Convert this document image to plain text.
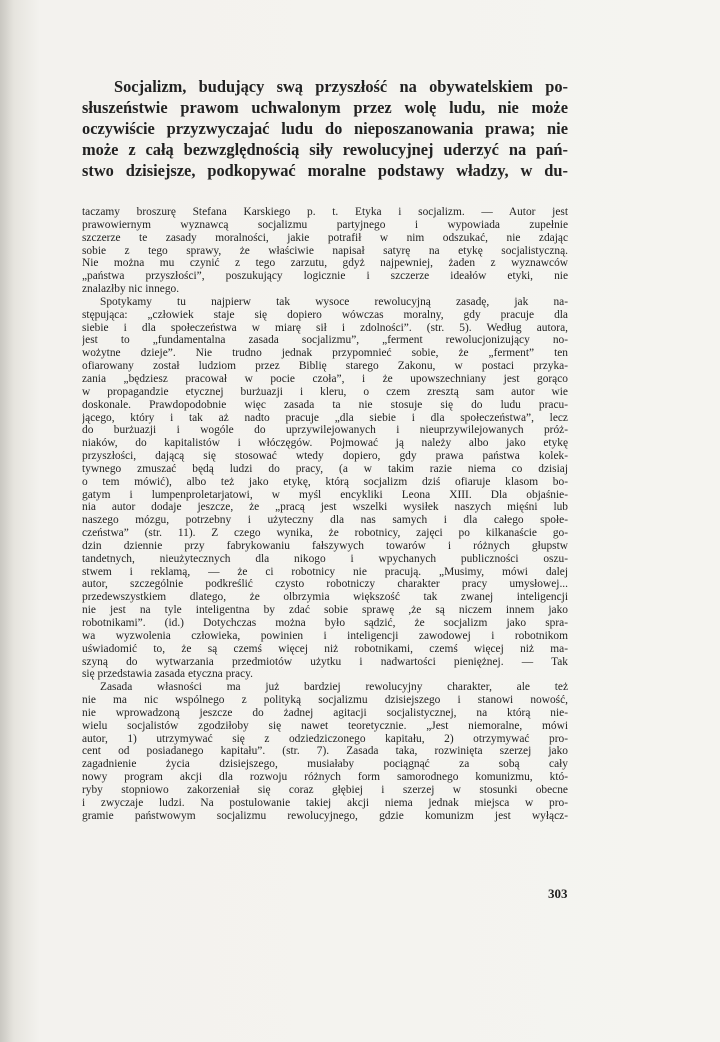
Socjalizm, budujący swą przyszłość na obywatelskiem po-
słuszeństwie prawom uchwalonym przez wolę ludu, nie może
oczywiście przyzwyczajać ludu do nieposzanowania prawa; nie
może z całą bezwzględnością siły rewolucyjnej uderzyć na pań-
stwo dzisiejsze, podkopywać moralne podstawy władzy, w du-
taczamy broszurę Stefana Karskiego p. t. Etyka i socjalizm. — Autor jest
prawowiernym wyznawcą socjalizmu partyjnego i wypowiada zupełnie
szczerze te zasady moralności, jakie potrafił w nim odszukać, nie zdając
sobie z tego sprawy, że właściwie napisał satyrę na etykę socjalistyczną.
Nie można mu czynić z tego zarzutu, gdyż najpewniej, żaden z wyznawców
„państwa przyszłości”, poszukujący logicznie i szczerze ideałów etyki, nie
znalazłby nic innego.
Spotykamy tu najpierw tak wysoce rewolucyjną zasadę, jak na-
stępująca: „człowiek staje się dopiero wówczas moralny, gdy pracuje dla
siebie i dla społeczeństwa w miarę sił i zdolności”. (str. 5). Według autora,
jest to „fundamentalna zasada socjalizmu”, „ferment rewolucjonizujący no-
wożytne dzieje”. Nie trudno jednak przypomnieć sobie, że „ferment” ten
ofiarowany został ludziom przez Biblię starego Zakonu, w postaci przyka-
zania „będziesz pracował w pocie czoła”, i że upowszechniany jest gorąco
w propagandzie etycznej burżuazji i kleru, o czem zresztą sam autor wie
doskonale. Prawdopodobnie więc zasada ta nie stosuje się do ludu pracu-
jącego, który i tak aż nadto pracuje „dla siebie i dla społeczeństwa”, lecz
do burżuazji i wogóle do uprzywilejowanych i nieuprzywilejowanych próż-
niaków, do kapitalistów i włóczęgów. Pojmować ją należy albo jako etykę
przyszłości, dającą się stosować wtedy dopiero, gdy prawa państwa kolek-
tywnego zmuszać będą ludzi do pracy, (a w takim razie niema co dzisiaj
o tem mówić), albo też jako etykę, którą socjalizm dziś ofiaruje klasom bo-
gatym i lumpenproletarjatowi, w myśl encykliki Leona XIII. Dla objaśnie-
nia autor dodaje jeszcze, że „pracą jest wszelki wysiłek naszych mięśni lub
naszego mózgu, potrzebny i użyteczny dla nas samych i dla całego społe-
czeństwa” (str. 11). Z czego wynika, że robotnicy, zajęci po kilkanaście go-
dzin dziennie przy fabrykowaniu fałszywych towarów i różnych głupstw
tandetnych, nieużytecznych dla nikogo i wpychanych publiczności oszu-
stwem i reklamą, — że ci robotnicy nie pracują. „Musimy, mówi dalej
autor, szczególnie podkreślić czysto robotniczy charakter pracy umysłowej...
przedewszystkiem dlatego, że olbrzymia większość tak zwanej inteligencji
nie jest na tyle inteligentna by zdać sobie sprawę ,że są niczem innem jako
robotnikami”. (id.) Dotychczas można było sądzić, że socjalizm jako spra-
wa wyzwolenia człowieka, powinien i inteligencji zawodowej i robotnikom
uświadomić to, że są czemś więcej niż robotnikami, czemś więcej niż ma-
szyną do wytwarzania przedmiotów użytku i nadwartości pieniężnej. — Tak
się przedstawia zasada etyczna pracy.
Zasada własności ma już bardziej rewolucyjny charakter, ale też
nie ma nic wspólnego z polityką socjalizmu dzisiejszego i stanowi nowość,
nie wprowadzoną jeszcze do żadnej agitacji socjalistycznej, na którą nie-
wielu socjalistów zgodziłoby się nawet teoretycznie. „Jest niemoralne, mówi
autor, 1) utrzymywać się z odziedziczonego kapitału, 2) otrzymywać pro-
cent od posiadanego kapitału”. (str. 7). Zasada taka, rozwinięta szerzej jako
zagadnienie życia dzisiejszego, musiałaby pociągnąć za sobą cały
nowy program akcji dla rozwoju różnych form samorodnego komunizmu, któ-
ryby stopniowo zakorzeniał się coraz głębiej i szerzej w stosunki obecne
i zwyczaje ludzi. Na postulowanie takiej akcji niema jednak miejsca w pro-
gramie państwowym socjalizmu rewolucyjnego, gdzie komunizm jest wyłącz-
303
